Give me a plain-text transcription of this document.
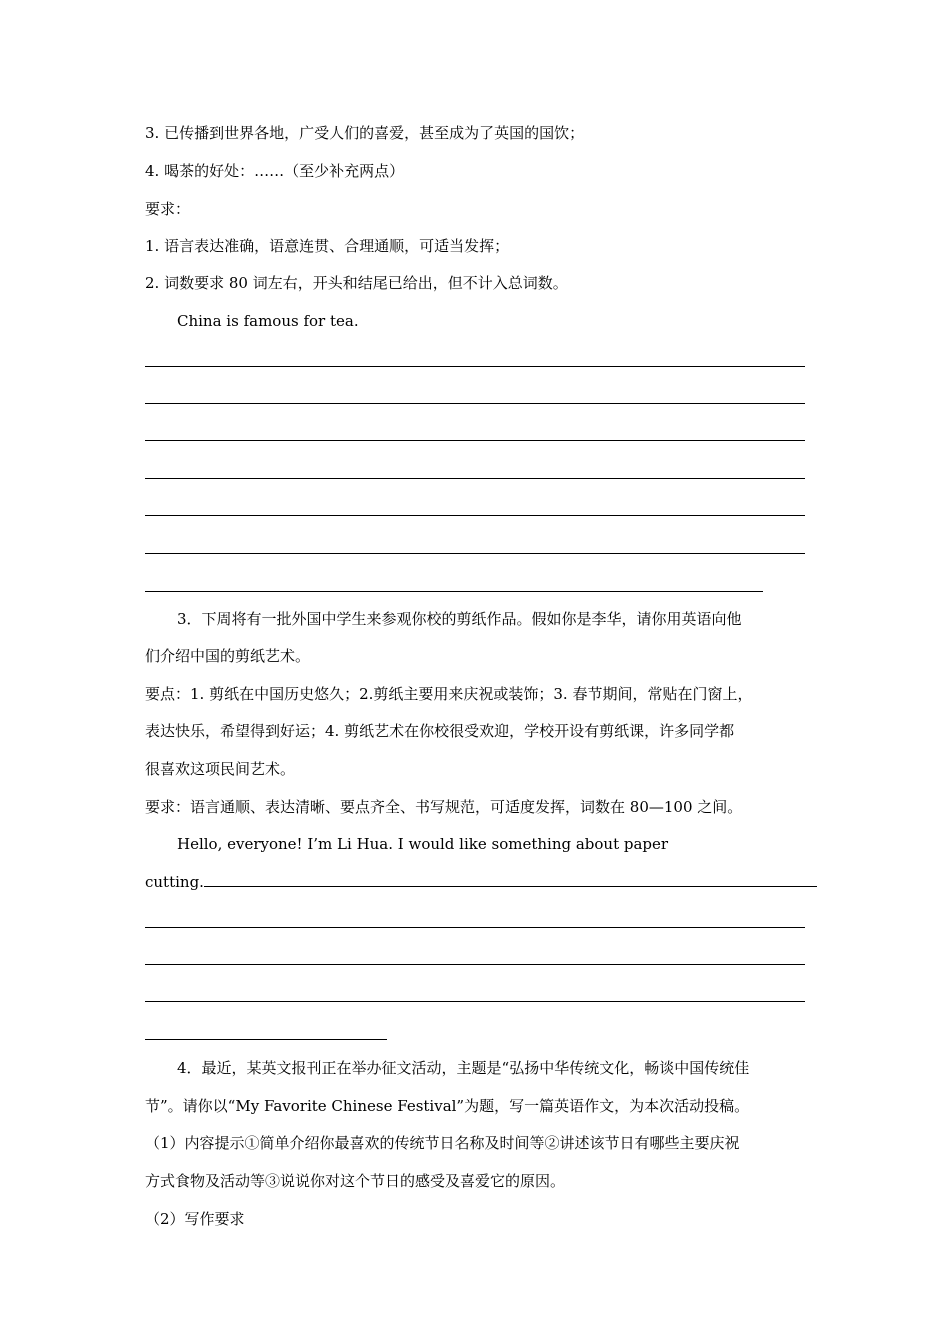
3. 已传播到世界各地，广受人们的喜爱，甚至成为了英国的国饮；
4. 喝茶的好处：……（至少补充两点）
要求：
1. 语言表达准确，语意连贯、合理通顺，可适当发挥；
2. 词数要求 80 词左右，开头和结尾已给出，但不计入总词数。
China is famous for tea.
3．下周将有一批外国中学生来参观你校的剪纸作品。假如你是李华，请你用英语向他
们介绍中国的剪纸艺术。
要点：1. 剪纸在中国历史悠久；2.剪纸主要用来庆祝或装饰；3. 春节期间，常贴在门窗上，
表达快乐，希望得到好运；4. 剪纸艺术在你校很受欢迎，学校开设有剪纸课，许多同学都
很喜欢这项民间艺术。
要求：语言通顺、表达清晰、要点齐全、书写规范，可适度发挥，词数在 80—100 之间。
Hello, everyone! I’m Li Hua. I would like something about paper
cutting.
4．最近，某英文报刊正在举办征文活动，主题是“弘扬中华传统文化，畅谈中国传统佳
节”。请你以“My Favorite Chinese Festival”为题，写一篇英语作文，为本次活动投稿。
（1）内容提示①简单介绍你最喜欢的传统节日名称及时间等②讲述该节日有哪些主要庆祝
方式食物及活动等③说说你对这个节日的感受及喜爱它的原因。
（2）写作要求
